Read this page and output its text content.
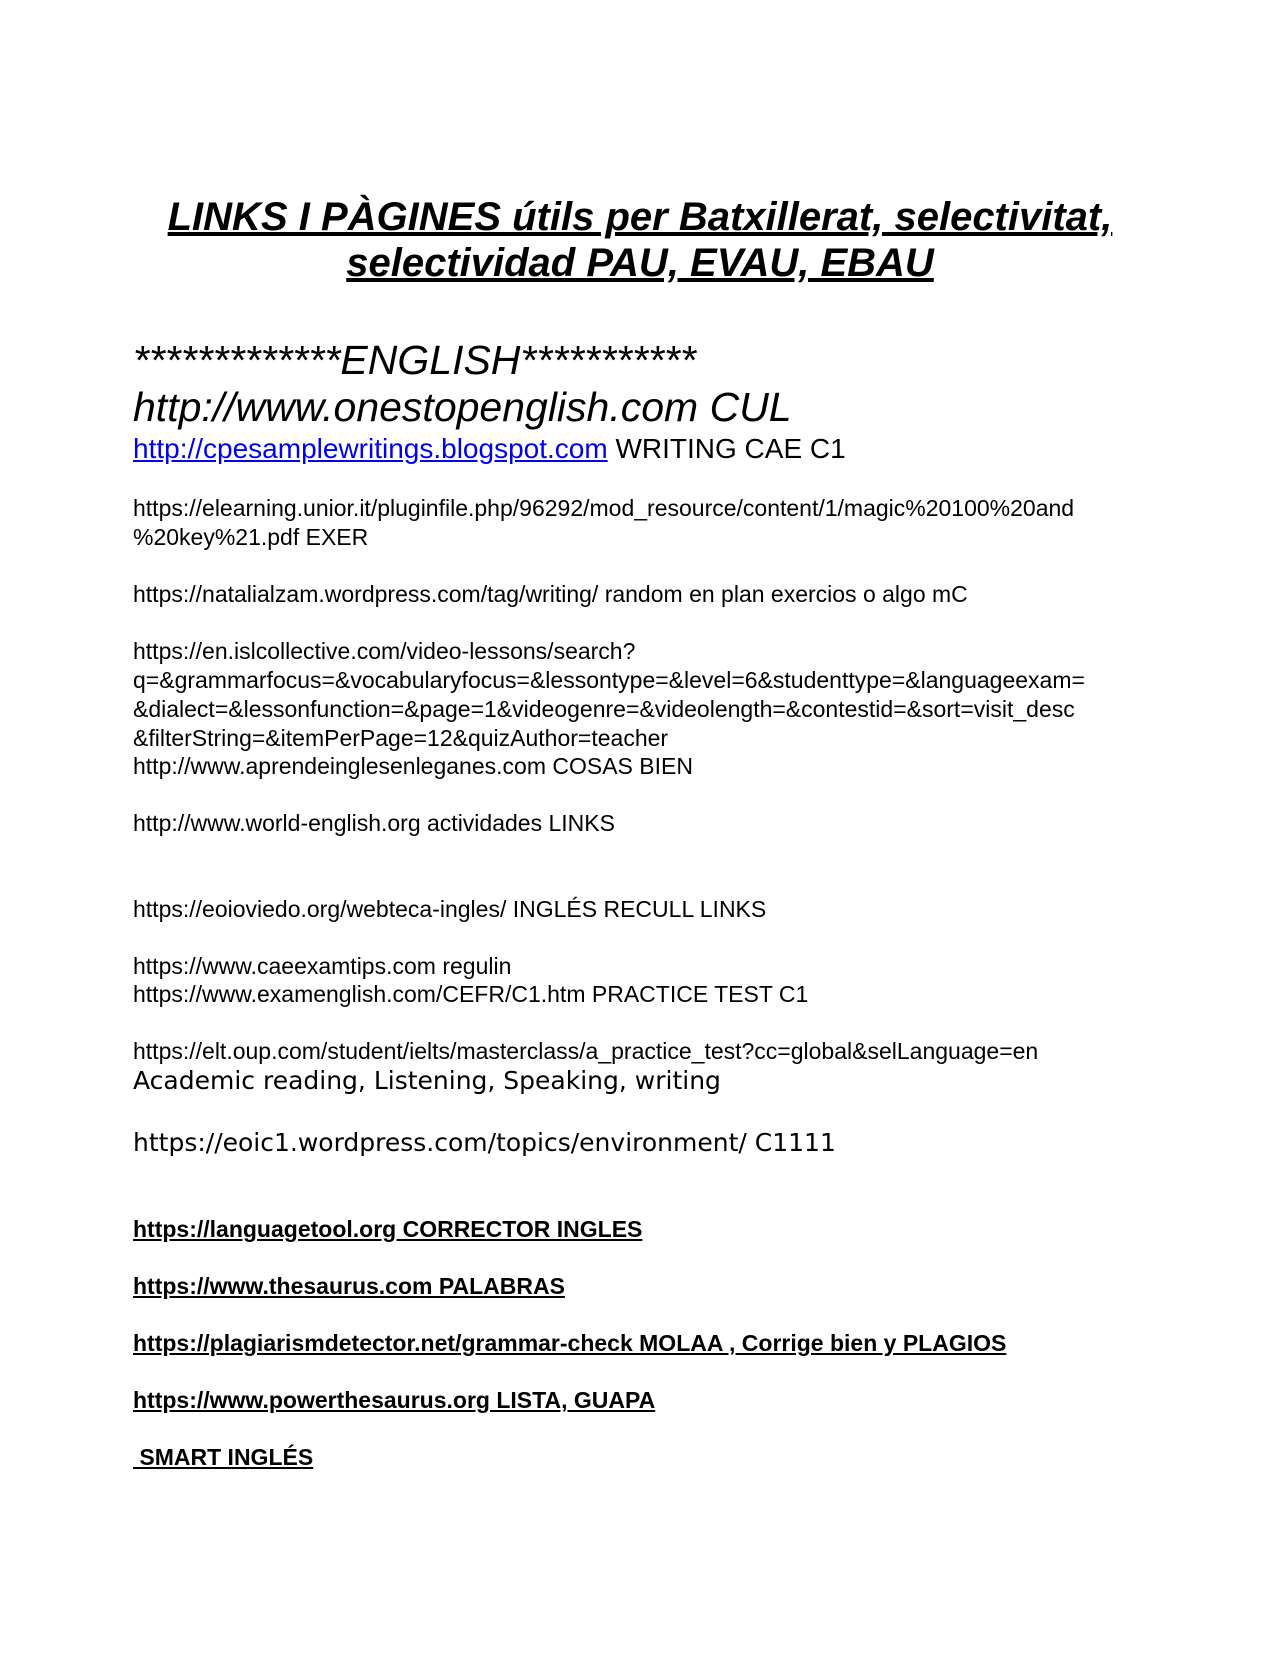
LINKS I PÀGINES útils per Batxillerat, selectivitat,

selectividad PAU, EVAU, EBAU

*************ENGLISH***********

http://www.onestopenglish.com CUL

http://cpesamplewritings.blogspot.com WRITING CAE C1

https://elearning.unior.it/pluginfile.php/96292/mod_resource/content/1/magic%20100%20and

%20key%21.pdf EXER

https://natalialzam.wordpress.com/tag/writing/ random en plan exercios o algo mC

https://en.islcollective.com/video-lessons/search?

q=&grammarfocus=&vocabularyfocus=&lessontype=&level=6&studenttype=&languageexam=

&dialect=&lessonfunction=&page=1&videogenre=&videolength=&contestid=&sort=visit_desc

&filterString=&itemPerPage=12&quizAuthor=teacher

http://www.aprendeinglesenleganes.com COSAS BIEN

http://www.world-english.org actividades LINKS

https://eoioviedo.org/webteca-ingles/ INGLÉS RECULL LINKS

https://www.caeexamtips.com regulin

https://www.examenglish.com/CEFR/C1.htm PRACTICE TEST C1

https://elt.oup.com/student/ielts/masterclass/a_practice_test?cc=global&selLanguage=en

Academic reading, Listening, Speaking, writing

https://eoic1.wordpress.com/topics/environment/ C1111

https://languagetool.org CORRECTOR INGLES

https://www.thesaurus.com PALABRAS

https://plagiarismdetector.net/grammar-check MOLAA , Corrige bien y PLAGIOS

https://www.powerthesaurus.org LISTA, GUAPA

SMART INGLÉS
